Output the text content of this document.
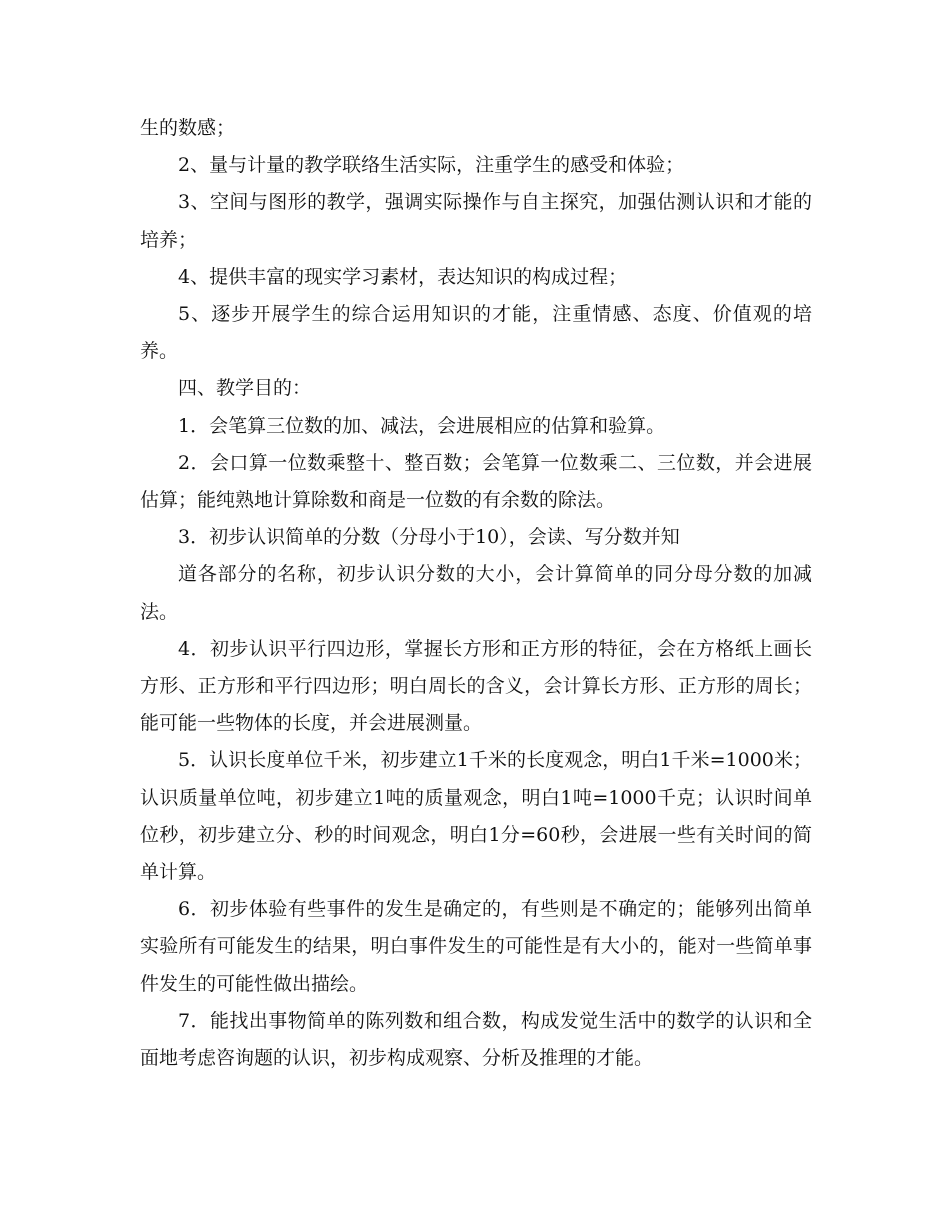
生的数感；

2、量与计量的教学联络生活实际，注重学生的感受和体验；

3、空间与图形的教学，强调实际操作与自主探究，加强估测认识和才能的培养；

4、提供丰富的现实学习素材，表达知识的构成过程；

5、逐步开展学生的综合运用知识的才能，注重情感、态度、价值观的培养。

四、教学目的：

1．会笔算三位数的加、减法，会进展相应的估算和验算。

2．会口算一位数乘整十、整百数；会笔算一位数乘二、三位数，并会进展估算；能纯熟地计算除数和商是一位数的有余数的除法。

3．初步认识简单的分数（分母小于10），会读、写分数并知

道各部分的名称，初步认识分数的大小，会计算简单的同分母分数的加减法。

4．初步认识平行四边形，掌握长方形和正方形的特征，会在方格纸上画长方形、正方形和平行四边形；明白周长的含义，会计算长方形、正方形的周长；能可能一些物体的长度，并会进展测量。

5．认识长度单位千米，初步建立1千米的长度观念，明白1千米=1000米；认识质量单位吨，初步建立1吨的质量观念，明白1吨=1000千克；认识时间单位秒，初步建立分、秒的时间观念，明白1分=60秒，会进展一些有关时间的简单计算。

6．初步体验有些事件的发生是确定的，有些则是不确定的；能够列出简单实验所有可能发生的结果，明白事件发生的可能性是有大小的，能对一些简单事件发生的可能性做出描绘。

7．能找出事物简单的陈列数和组合数，构成发觉生活中的数学的认识和全面地考虑咨询题的认识，初步构成观察、分析及推理的才能。
